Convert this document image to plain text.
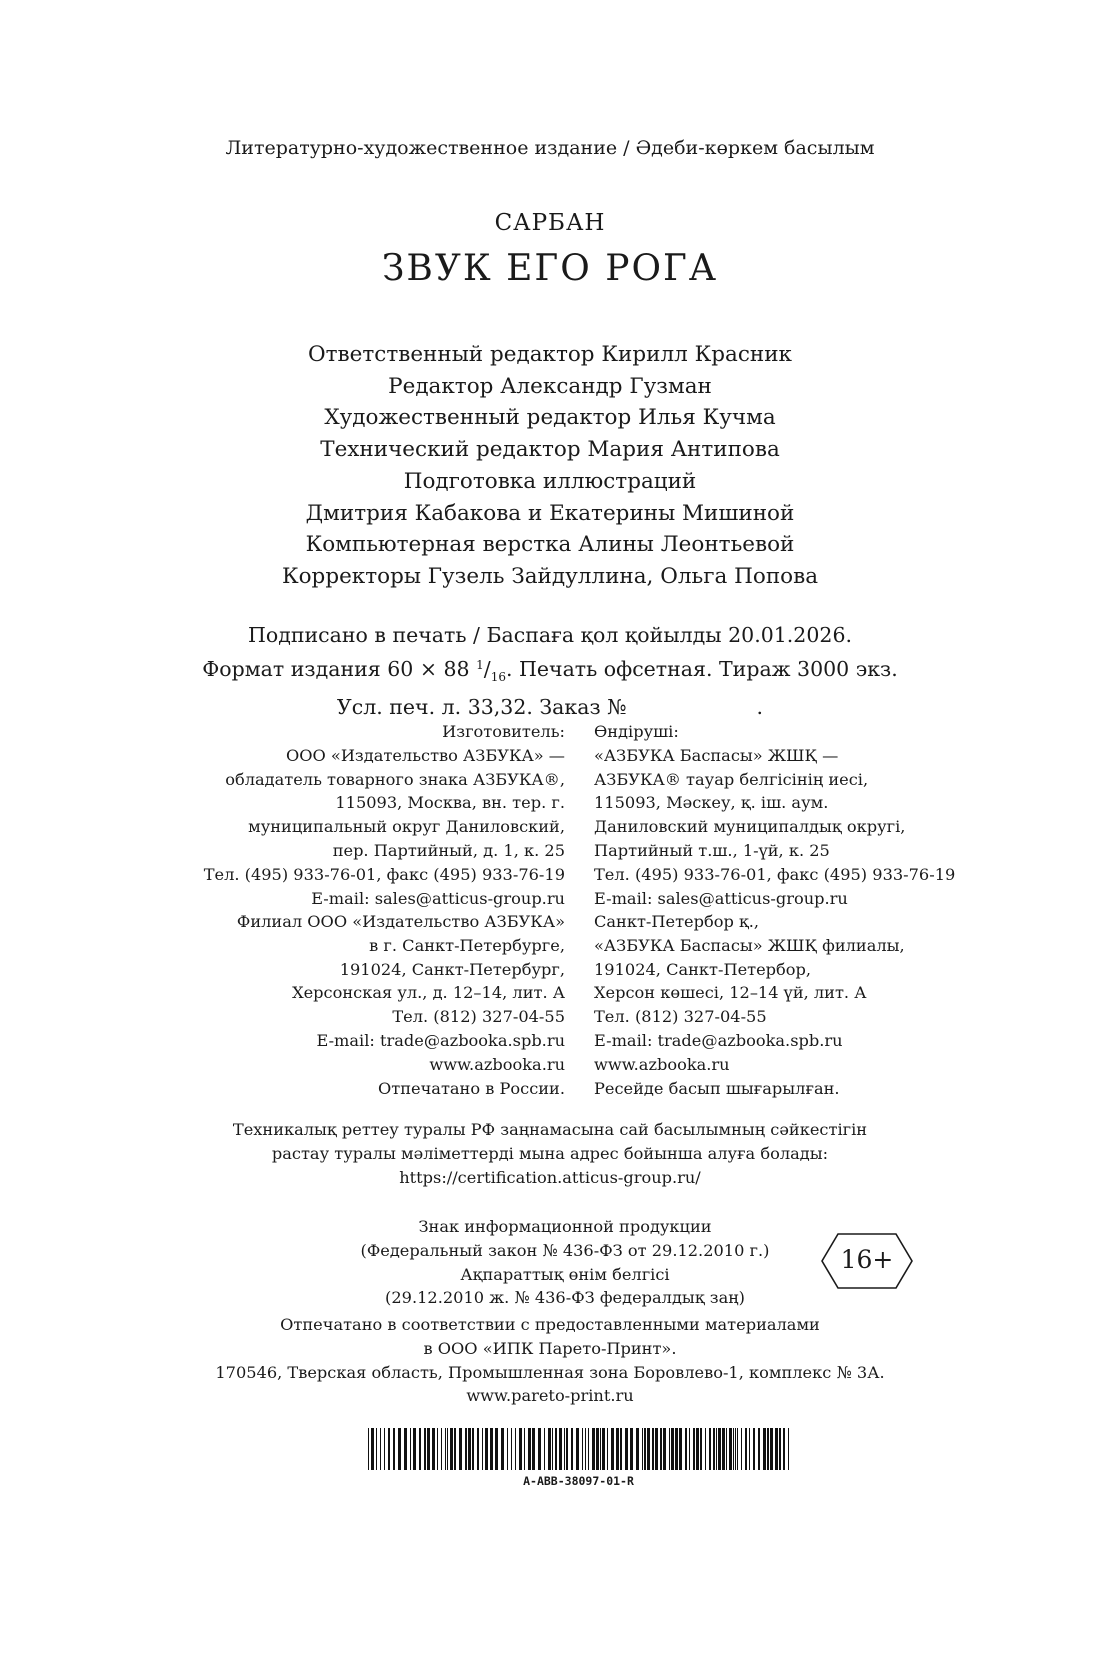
Литературно-художественное издание / Әдеби-көркем басылым
САРБАН
ЗВУК ЕГО РОГА
Ответственный редактор Кирилл Красник
Редактор Александр Гузман
Художественный редактор Илья Кучма
Технический редактор Мария Антипова
Подготовка иллюстраций
Дмитрия Кабакова и Екатерины Мишиной
Компьютерная верстка Алины Леонтьевой
Корректоры Гузель Зайдуллина, Ольга Попова
Подписано в печать / Баспаға қол қойылды 20.01.2026.
Формат издания 60 × 88 $^1/_{16}$. Печать офсетная. Тираж 3000 экз.
Усл. печ. л. 33,32. Заказ №	.
Изготовитель:
ООО «Издательство АЗБУКА» —
обладатель товарного знака АЗБУКА®,
115093, Москва, вн. тер. г.
муниципальный округ Даниловский,
пер. Партийный, д. 1, к. 25
Тел. (495) 933-76-01, факс (495) 933-76-19
E-mail: sales@atticus-group.ru
Өндіруші:
«АЗБУКА Баспасы» ЖШҚ —
АЗБУКА® тауар белгісінің иесі,
115093, Мәскеу, қ. іш. аум.
Даниловский муниципалдық округі,
Партийный т.ш., 1-үй, к. 25
Тел. (495) 933-76-01, факс (495) 933-76-19
E-mail: sales@atticus-group.ru
Филиал ООО «Издательство АЗБУКА»
в г. Санкт-Петербурге,
191024, Санкт-Петербург,
Херсонская ул., д. 12–14, лит. А
Тел. (812) 327-04-55
E-mail: trade@azbooka.spb.ru
Санкт-Петербор қ.,
«АЗБУКА Баспасы» ЖШҚ филиалы,
191024, Санкт-Петербор,
Херсон көшесі, 12–14 үй, лит. А
Тел. (812) 327-04-55
E-mail: trade@azbooka.spb.ru
www.azbooka.ru
Отпечатано в России.
www.azbooka.ru
Ресейде басып шығарылған.
Техникалық реттеу туралы РФ заңнамасына сай басылымның сәйкестігін
растау туралы мәліметтерді мына адрес бойынша алуға болады:
https://certification.atticus-group.ru/
Знак информационной продукции
(Федеральный закон № 436-ФЗ от 29.12.2010 г.)
Ақпараттық өнім белгісі
(29.12.2010 ж. № 436-ФЗ федералдық заң)
16+
Отпечатано в соответствии с предоставленными материалами
в ООО «ИПК Парето-Принт».
170546, Тверская область, Промышленная зона Боровлево-1, комплекс № 3А.
www.pareto-print.ru
A-ABB-38097-01-R
